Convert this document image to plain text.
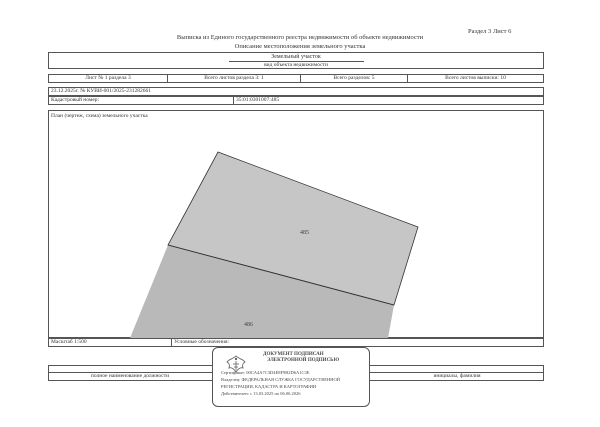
Раздел 3 Лист 6
Выписка из Единого государственного реестра недвижимости об объекте недвижимости
Описание местоположения земельного участка
Земельный участок
вид объекта недвижимости
Лист № 1 раздела 3	Всего листов раздела 3: 1	Всего разделов: 5	Всего листов выписки: 10
23.12.2025г. № КУВИ-001/2025-231282661
Кадастровый номер:	35:01:0301007:485
План (чертеж, схема) земельного участка
485
486
Масштаб 1:500	Условные обозначения:
полное наименование должности	инициалы, фамилия
ДОКУМЕНТ ПОДПИСАН
ЭЛЕКТРОННОЙ ПОДПИСЬЮ
Сертификат: 00CA4A7C3D4E8F9B2D6A1C3E
Владелец: ФЕДЕРАЛЬНАЯ СЛУЖБА ГОСУДАРСТВЕННОЙ
РЕГИСТРАЦИИ, КАДАСТРА И КАРТОГРАФИИ
Действителен: с 13.03.2025 по 06.06.2026
